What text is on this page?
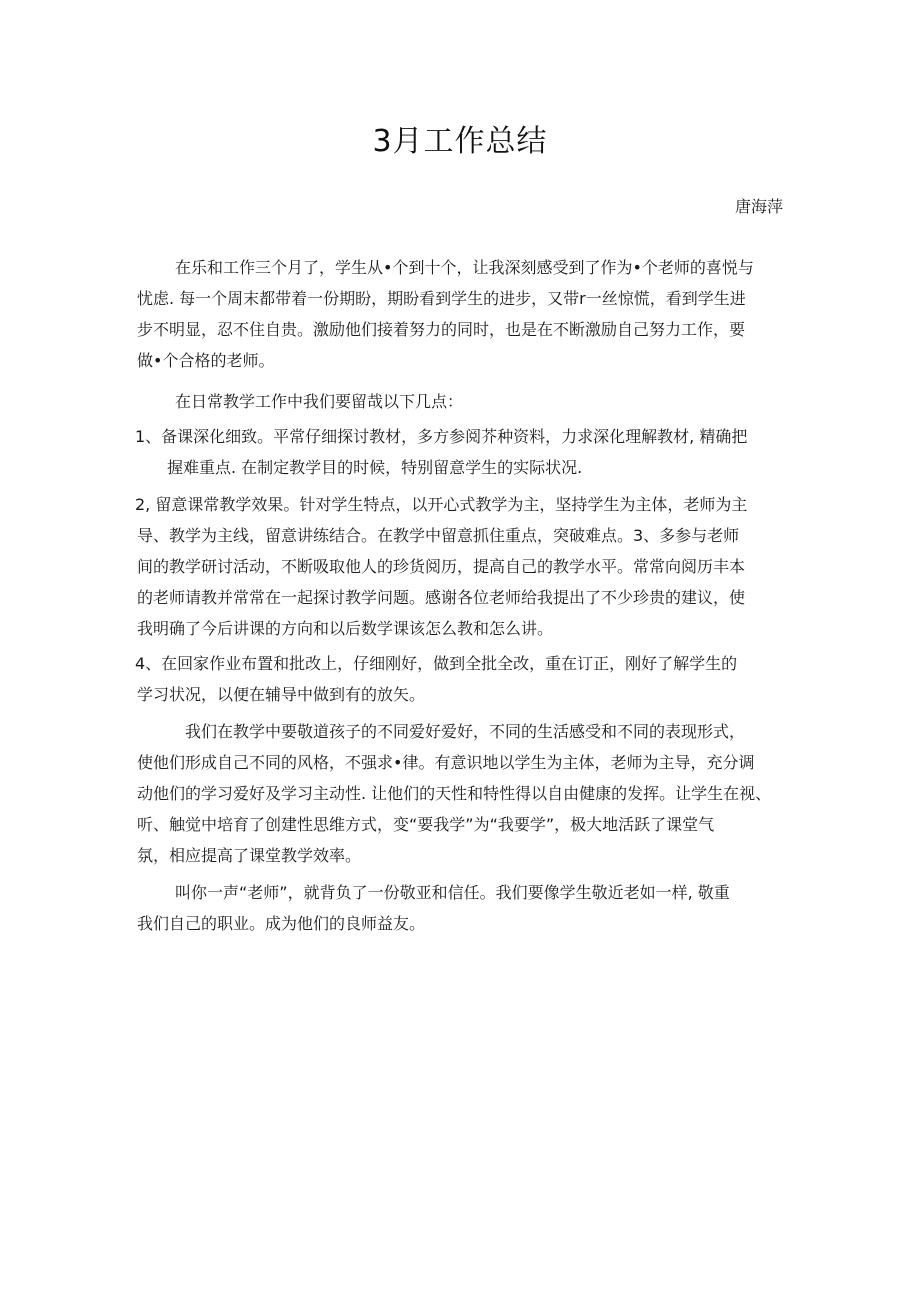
3月工作总结
唐海萍
在乐和工作三个月了，学生从•个到十个，让我深刻感受到了作为•个老师的喜悦与
忧虑. 每一个周末都带着一份期盼，期盼看到学生的进步，又带r一丝惊慌，看到学生进
步不明显，忍不住自贵。激励他们接着努力的同时，也是在不断激励自己努力工作，要
做•个合格的老师。
在日常教学工作中我们要留哉以下几点：
1、备课深化细致。平常仔细探讨教材，多方参阅芥种资料，力求深化理解教材, 精确把
握难重点. 在制定教学目的时候，特别留意学生的实际状况.
2, 留意课常教学效果。针对学生特点，以开心式教学为主，坚持学生为主体，老师为主
导、教学为主线，留意讲练结合。在教学中留意抓住重点，突破难点。3、多参与老师
间的教学研讨活动，不断吸取他人的珍货阅历，提高自己的教学水平。常常向阅历丰本
的老师请教并常常在一起探讨教学问题。感谢各位老师给我提出了不少珍贵的建议，使
我明确了今后讲课的方向和以后数学课该怎么教和怎么讲。
4、在回家作业布置和批改上，仔细刚好，做到全批全改，重在订正，刚好了解学生的
学习状况，以便在辅导中做到有的放矢。
我们在教学中要敬道孩子的不同爱好爱好，不同的生活感受和不同的表现形式，
使他们形成自己不同的风格，不强求•律。有意识地以学生为主体，老师为主导，充分调
动他们的学习爱好及学习主动性. 让他们的天性和特性得以自由健康的发挥。让学生在视、
听、触觉中培育了创建性思维方式，变“要我学”为“我要学”，极大地活跃了课堂气
氛，相应提高了课堂教学效率。
叫你一声“老师”，就背负了一份敬亚和信任。我们要像学生敬近老如一样, 敬重
我们自己的职业。成为他们的良师益友。
